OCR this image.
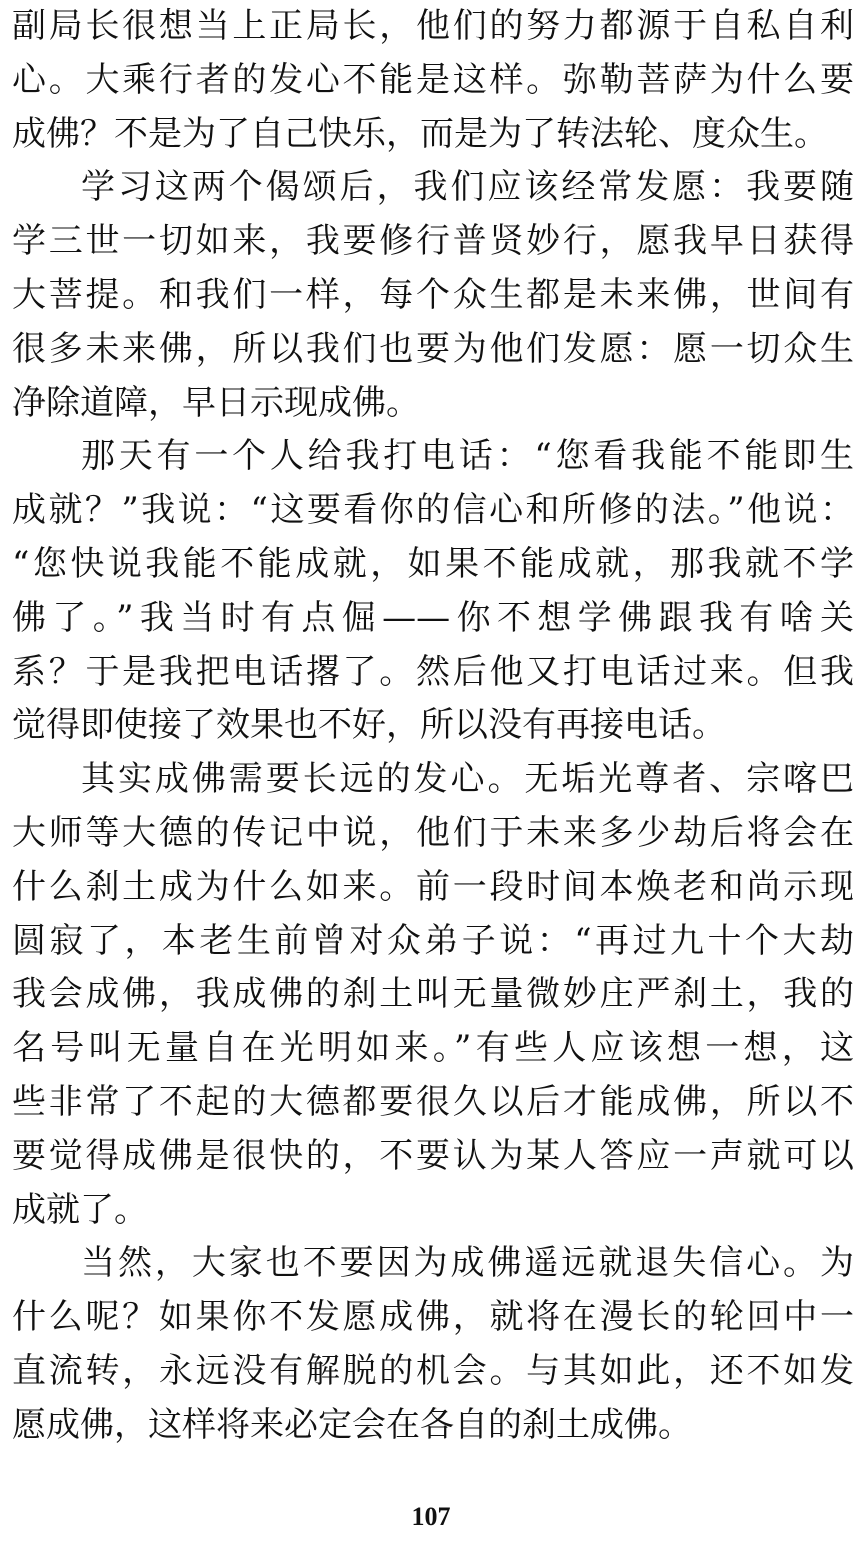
副局长很想当上正局长，他们的努力都源于自私自利
心。大乘行者的发心不能是这样。弥勒菩萨为什么要
成佛？不是为了自己快乐，而是为了转法轮、度众生。
学习这两个偈颂后，我们应该经常发愿：我要随
学三世一切如来，我要修行普贤妙行，愿我早日获得
大菩提。和我们一样，每个众生都是未来佛，世间有
很多未来佛，所以我们也要为他们发愿：愿一切众生
净除道障，早日示现成佛。
那天有一个人给我打电话：“您看我能不能即生
成就？”我说：“这要看你的信心和所修的法。”他说：
“您快说我能不能成就，如果不能成就，那我就不学
佛了。”我当时有点倔——你不想学佛跟我有啥关
系？于是我把电话撂了。然后他又打电话过来。但我
觉得即使接了效果也不好，所以没有再接电话。
其实成佛需要长远的发心。无垢光尊者、宗喀巴
大师等大德的传记中说，他们于未来多少劫后将会在
什么刹土成为什么如来。前一段时间本焕老和尚示现
圆寂了，本老生前曾对众弟子说：“再过九十个大劫
我会成佛，我成佛的刹土叫无量微妙庄严刹土，我的
名号叫无量自在光明如来。”有些人应该想一想，这
些非常了不起的大德都要很久以后才能成佛，所以不
要觉得成佛是很快的，不要认为某人答应一声就可以
成就了。
当然，大家也不要因为成佛遥远就退失信心。为
什么呢？如果你不发愿成佛，就将在漫长的轮回中一
直流转，永远没有解脱的机会。与其如此，还不如发
愿成佛，这样将来必定会在各自的刹土成佛。
107
